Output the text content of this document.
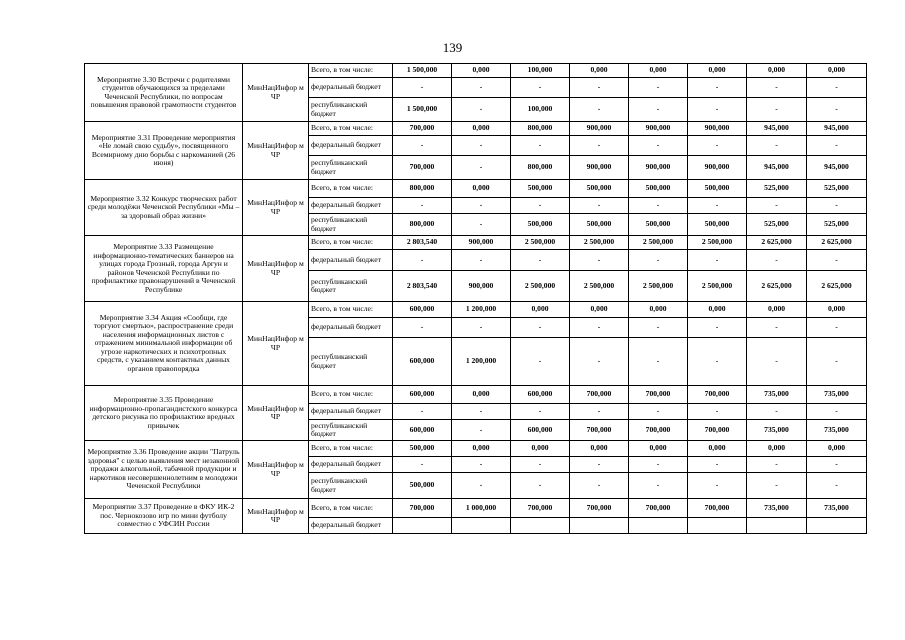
139
Мероприятие 3.30 Встречи с родителями студентов обучающихся за пределами Чеченской Республики, по вопросам повышения правовой грамотности студентов	МинНацИнфор м ЧР	Всего, в том числе:	1 500,000	0,000	100,000	0,000	0,000	0,000	0,000	0,000
		федеральный бюджет	-	-	-	-	-	-	-	-
		республиканский бюджет	1 500,000	-	100,000	-	-	-	-	-
Мероприятие 3.31 Проведение мероприятия «Не ломай свою судьбу», посвященного Всемирному дню борьбы с наркоманией (26 июня)	МинНацИнфор м ЧР	Всего, в том числе:	700,000	0,000	800,000	900,000	900,000	900,000	945,000	945,000
		федеральный бюджет	-	-	-	-	-	-	-	-
		республиканский бюджет	700,000	-	800,000	900,000	900,000	900,000	945,000	945,000
Мероприятие 3.32 Конкурс творческих работ среди молодёжи Чеченской Республики «Мы – за здоровый образ жизни»	МинНацИнфор м ЧР	Всего, в том числе:	800,000	0,000	500,000	500,000	500,000	500,000	525,000	525,000
		федеральный бюджет	-	-	-	-	-	-	-	-
		республиканский бюджет	800,000	-	500,000	500,000	500,000	500,000	525,000	525,000
Мероприятие 3.33 Размещение информационно-тематических баннеров на улицах города Грозный, города Аргун и районов Чеченской Республики по профилактике правонарушений в Чеченской Республике	МинНацИнфор м ЧР	Всего, в том числе:	2 803,540	900,000	2 500,000	2 500,000	2 500,000	2 500,000	2 625,000	2 625,000
		федеральный бюджет	-	-	-	-	-	-	-	-
		республиканский бюджет	2 803,540	900,000	2 500,000	2 500,000	2 500,000	2 500,000	2 625,000	2 625,000
Мероприятие 3.34 Акция «Сообщи, где торгуют смертью», распространение среди населения информационных листов с отражением минимальной информации об угрозе наркотических и психотропных средств, с указанием контактных данных органов правопорядка	МинНацИнфор м ЧР	Всего, в том числе:	600,000	1 200,000	0,000	0,000	0,000	0,000	0,000	0,000
		федеральный бюджет	-	-	-	-	-	-	-	-
		республиканский бюджет	600,000	1 200,000	-	-	-	-	-	-
Мероприятие 3.35 Проведение информационно-пропагандистского конкурса детского рисунка по профилактике вредных привычек	МинНацИнфор м ЧР	Всего, в том числе:	600,000	0,000	600,000	700,000	700,000	700,000	735,000	735,000
		федеральный бюджет	-	-	-	-	-	-	-	-
		республиканский бюджет	600,000	-	600,000	700,000	700,000	700,000	735,000	735,000
Мероприятие 3.36 Проведение акции "Патруль здоровья" с целью выявления мест незаконной продажи алкогольной, табачной продукции и наркотиков несовершеннолетним в молодежи Чеченской Республики	МинНацИнфор м ЧР	Всего, в том числе:	500,000	0,000	0,000	0,000	0,000	0,000	0,000	0,000
		федеральный бюджет	-	-	-	-	-	-	-	-
		республиканский бюджет	500,000	-	-	-	-	-	-	-
Мероприятие 3.37 Проведение в ФКУ ИК-2 пос. Чернокозово игр по мини футболу совместно с УФСИН России	МинНацИнфор м ЧР	Всего, в том числе:	700,000	1 000,000	700,000	700,000	700,000	700,000	735,000	735,000
		федеральный бюджет								
